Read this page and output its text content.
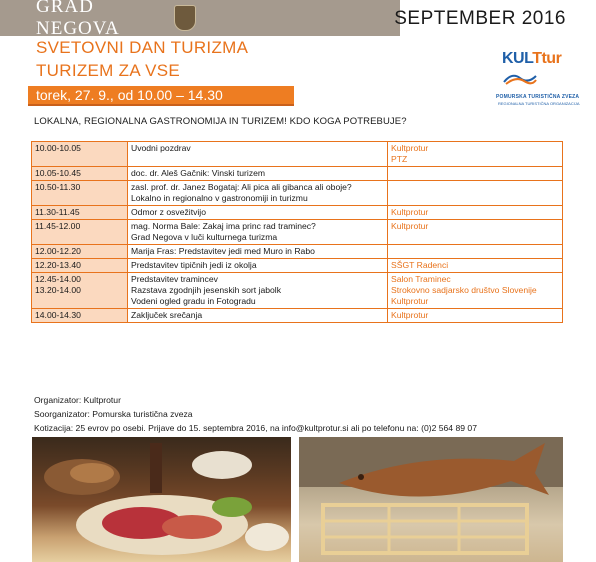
GRAD NEGOVA	SEPTEMBER 2016
SVETOVNI DAN TURIZMA
TURIZEM ZA VSE
torek, 27. 9., od 10.00 – 14.30
KULTtur
POMURSKA TURISTIČNA ZVEZA
REGIONALNA TURISTIČNA ORGANIZACIJA
LOKALNA, REGIONALNA GASTRONOMIJA IN TURIZEM! KDO KOGA POTREBUJE?
10.00-10.05	Uvodni pozdrav	Kultprotur
PTZ
10.05-10.45	doc. dr. Aleš Gačnik: Vinski turizem	
10.50-11.30	zasl. prof. dr. Janez Bogataj: Ali pica ali gibanca ali oboje?
Lokalno in regionalno v gastronomiji in turizmu	
11.30-11.45	Odmor z osvežitvijo	Kultprotur
11.45-12.00	mag. Norma Bale: Zakaj ima princ rad traminec?
Grad Negova v luči kulturnega turizma	Kultprotur
12.00-12.20	Marija Fras: Predstavitev jedi med Muro in Rabo	
12.20-13.40	Predstavitev tipičnih jedi iz okolja	SŠGT Radenci
12.45-14.00
13.20-14.00	Predstavitev tramincev
Razstava zgodnjih jesenskih sort jabolk
Vodeni ogled gradu in Fotogradu	Salon Traminec
Strokovno sadjarsko društvo Slovenije
Kultprotur
14.00-14.30	Zaključek srečanja	Kultprotur
Organizator: Kultprotur
Soorganizator: Pomurska turistična zveza
Kotizacija: 25 evrov po osebi. Prijave do 15. septembra 2016, na info@kultprotur.si ali po telefonu na: (0)2 564 89 07
